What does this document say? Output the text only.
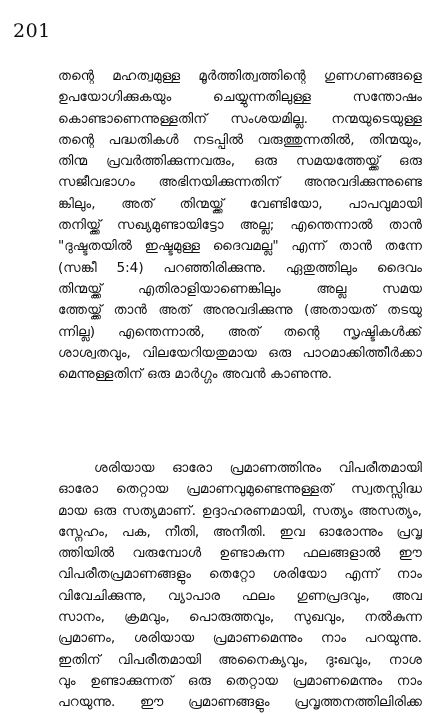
201
തന്റെ മഹത്വമുള്ള മൂർത്തിത്വത്തിന്റെ ഗുണഗണങ്ങളെ
ഉപയോഗിക്കുകയും ചെയ്യുന്നതിലുള്ള സന്തോഷം
കൊണ്ടാണെന്നുള്ളതിന് സംശയമില്ല. നന്മയുടെയുള്ള
തന്റെ പദ്ധതികൾ നടപ്പിൽ വരുത്തുന്നതിൽ, തിന്മയും,
തിന്മ പ്രവർത്തിക്കുന്നവരും, ഒരു സമയത്തേയ്ക്ക് ഒരു
സജീവഭാഗം അഭിനയിക്കുന്നതിന് അനുവദിക്കുന്നുണ്ടെ
ങ്കിലും, അത് തിന്മയ്ക്ക് വേണ്ടിയോ, പാപവുമായി
തനിയ്ക്ക് സഖ്യമുണ്ടായിട്ടോ അല്ല; എന്തെന്നാൽ താൻ
"ദുഷ്ടതയിൽ ഇഷ്ടമുള്ള ദൈവമല്ല" എന്ന് താൻ തന്നേ
(സങ്കീ 5:4) പറഞ്ഞിരിക്കുന്നു. ഏതുത്തിലും ദൈവം
തിന്മയ്ക്ക് എതിരാളിയാണെങ്കിലും അല്ല സമയ
ത്തേയ്ക്ക് താൻ അത് അനുവദിക്കുന്നു (അതായത് തടയു
ന്നില്ല) എന്തെന്നാൽ, അത് തന്റെ സൃഷ്ടികൾക്ക്
ശാശ്വതവും, വിലയേറിയതുമായ ഒരു പാഠമാക്കിത്തീർക്കാ
മെന്നുള്ളതിന് ഒരു മാർഗ്ഗം അവൻ കാണുന്നു.
ശരിയായ ഓരോ പ്രമാണത്തിനും വിപരീതമായി
ഓരോ തെറ്റായ പ്രമാണവുമുണ്ടെന്നുള്ളത് സ്വതസ്സിദ്ധ
മായ ഒരു സത്യമാണ്. ഉദ്ദാഹരണമായി, സത്യം അസത്യം,
സ്നേഹം, പക, നീതി, അനീതി. ഇവ ഓരോന്നും പ്രവൃ
ത്തിയിൽ വരുമ്പോൾ ഉണ്ടാകുന്ന ഫലങ്ങളാൽ ഈ
വിപരീതപ്രമാണങ്ങളും തെറ്റോ ശരിയോ എന്ന് നാം
വിവേചിക്കുന്നു, വ്യാപാര ഫലം ഗുണപ്രദവും, അവ
സാനം, ക്രമവും, പൊരുത്തവും, സുഖവും, നൽകുന്ന
പ്രമാണം, ശരിയായ പ്രമാണമെന്നും നാം പറയുന്നു.
ഇതിന് വിപരീതമായി അനൈക്യവും, ദുഃഖവും, നാശ
വും ഉണ്ടാക്കുന്നത് ഒരു തെറ്റായ പ്രമാണമെന്നും നാം
പറയുന്നു. ഈ പ്രമാണങ്ങളും പ്രവൃത്തനത്തിലിരിക്ക
